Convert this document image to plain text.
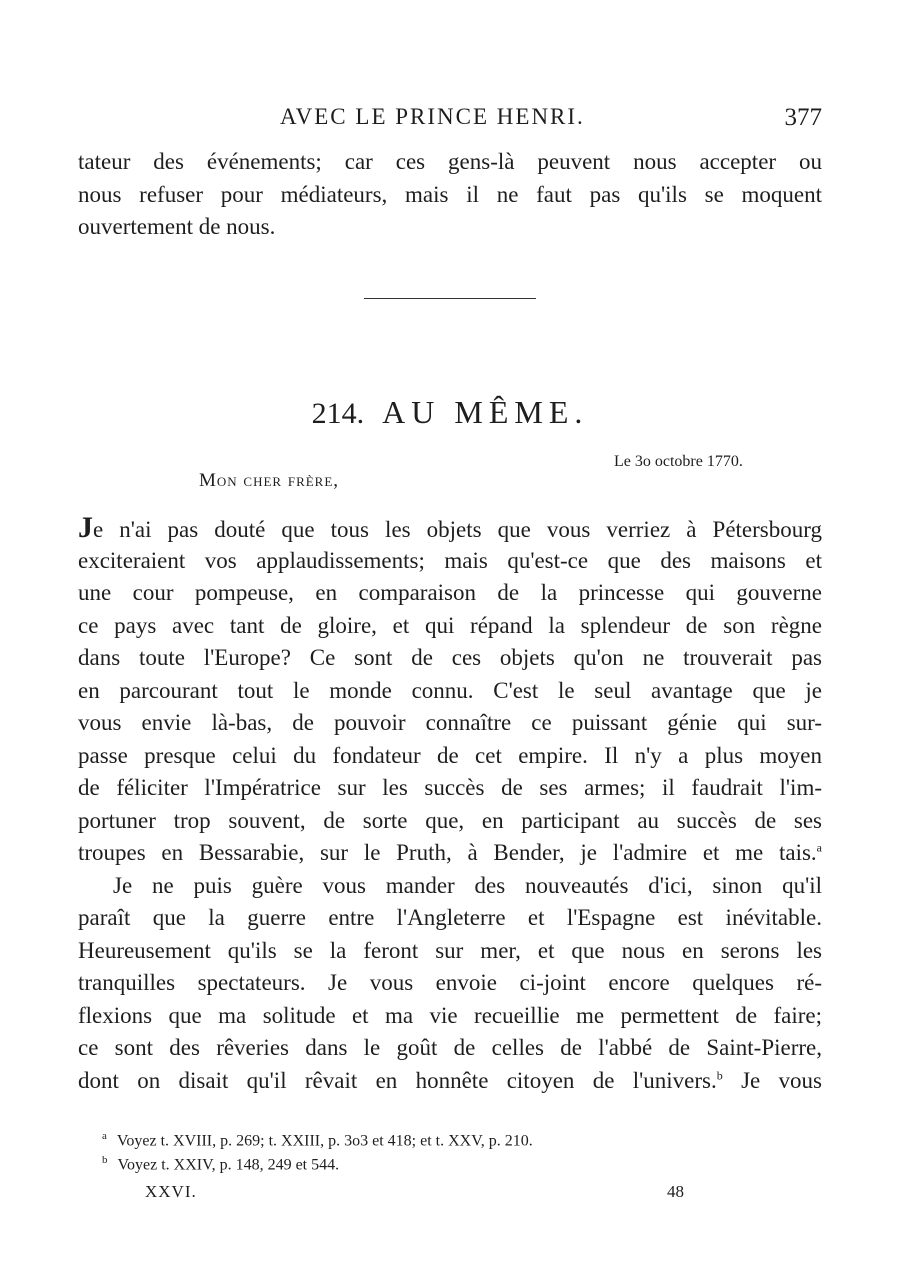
AVEC LE PRINCE HENRI.	377
tateur des événements; car ces gens-là peuvent nous accepter ou
nous refuser pour médiateurs, mais il ne faut pas qu'ils se moquent
ouvertement de nous.
214. AU MÊME.
Le 3o octobre 1770.
Mon cher frère,
Je n'ai pas douté que tous les objets que vous verriez à Pétersbourg
exciteraient vos applaudissements; mais qu'est-ce que des maisons et
une cour pompeuse, en comparaison de la princesse qui gouverne
ce pays avec tant de gloire, et qui répand la splendeur de son règne
dans toute l'Europe? Ce sont de ces objets qu'on ne trouverait pas
en parcourant tout le monde connu. C'est le seul avantage que je
vous envie là-bas, de pouvoir connaître ce puissant génie qui sur-
passe presque celui du fondateur de cet empire. Il n'y a plus moyen
de féliciter l'Impératrice sur les succès de ses armes; il faudrait l'im-
portuner trop souvent, de sorte que, en participant au succès de ses
troupes en Bessarabie, sur le Pruth, à Bender, je l'admire et me tais.$^a$
Je ne puis guère vous mander des nouveautés d'ici, sinon qu'il
paraît que la guerre entre l'Angleterre et l'Espagne est inévitable.
Heureusement qu'ils se la feront sur mer, et que nous en serons les
tranquilles spectateurs. Je vous envoie ci-joint encore quelques ré-
flexions que ma solitude et ma vie recueillie me permettent de faire;
ce sont des rêveries dans le goût de celles de l'abbé de Saint-Pierre,
dont on disait qu'il rêvait en honnête citoyen de l'univers.$^b$ Je vous
$^a$ Voyez t. XVIII, p. 269; t. XXIII, p. 3o3 et 418; et t. XXV, p. 210.
$^b$ Voyez t. XXIV, p. 148, 249 et 544.
XXVI.	48
